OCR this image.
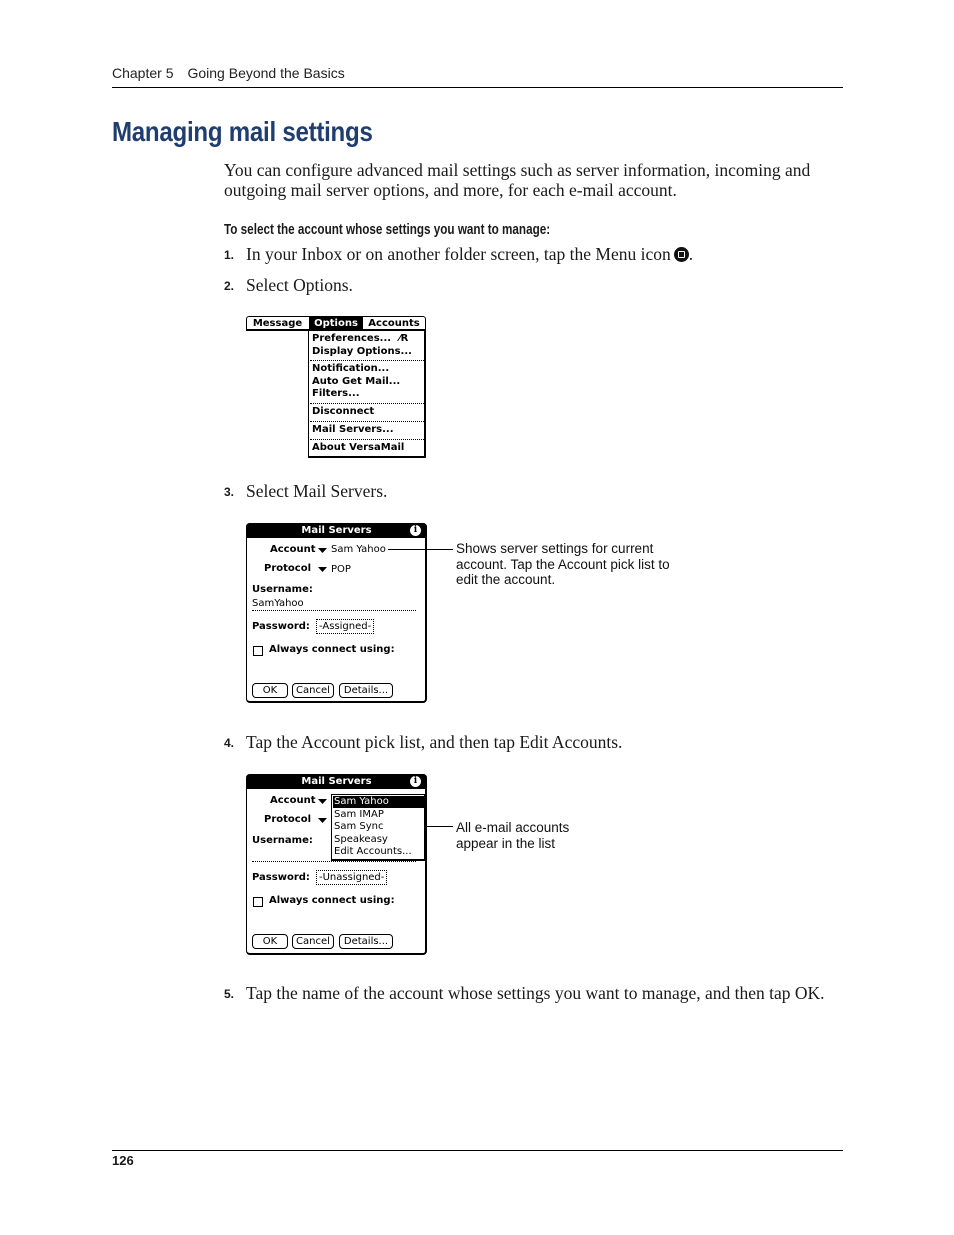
Chapter 5 Going Beyond the Basics
Managing mail settings
You can configure advanced mail settings such as server information, incoming and outgoing mail server options, and more, for each e-mail account.
To select the account whose settings you want to manage:
1. In your Inbox or on another folder screen, tap the Menu icon .
2. Select Options.
Message	Options	Accounts
Preferences...
Display Options...
⁄R
Notification...
Auto Get Mail...
Filters...
Disconnect
Mail Servers...
About VersaMail
3. Select Mail Servers.
Mail Servers	i
Account Sam Yahoo
Protocol POP
Username:
SamYahoo
Password: -Assigned-
Always connect using:
OK	Cancel	Details...
Shows server settings for current account. Tap the Account pick list to edit the account.
4. Tap the Account pick list, and then tap Edit Accounts.
Mail Servers	i
Account
Protocol
Username:
Password: -Unassigned-
Always connect using:
OK	Cancel	Details...
Sam Yahoo
Sam IMAP
Sam Sync
Speakeasy
Edit Accounts...
All e-mail accounts appear in the list
5. Tap the name of the account whose settings you want to manage, and then tap OK.
126
